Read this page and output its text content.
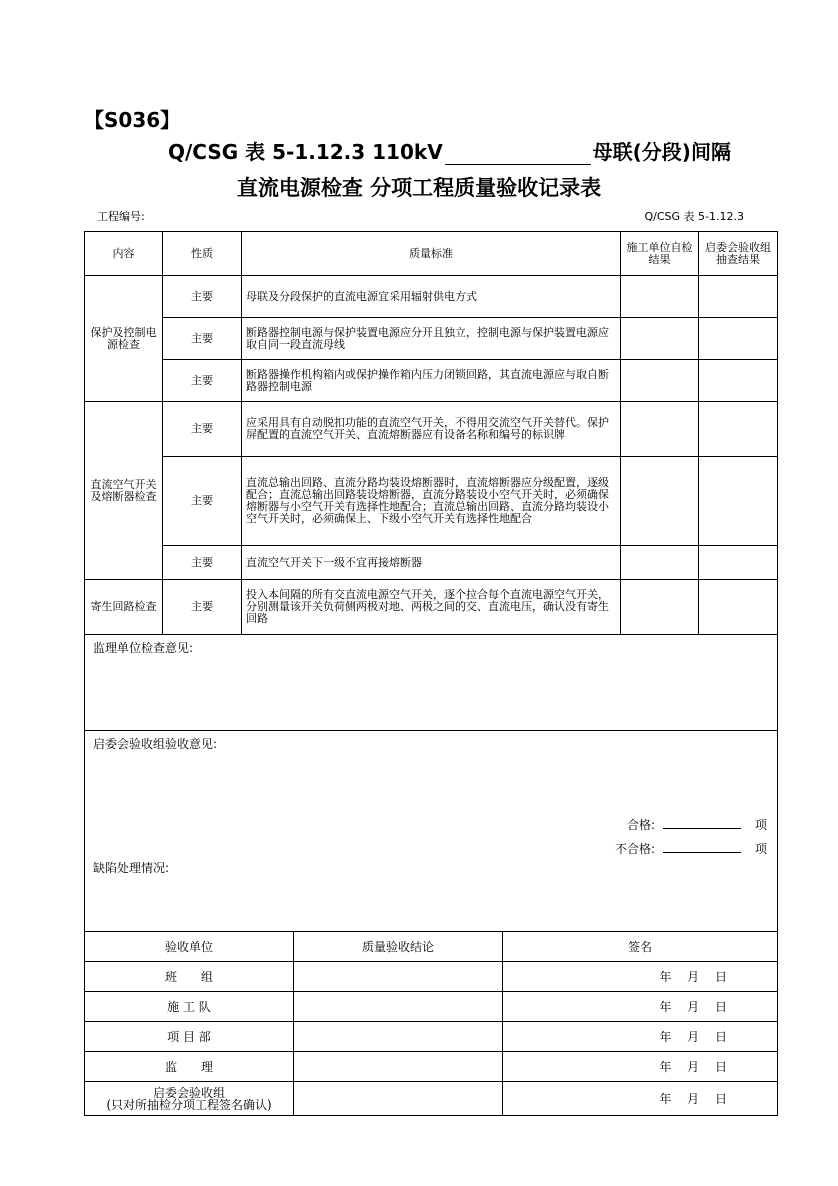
【S036】
Q/CSG 表 5-1.12.3 110kV	母联(分段)间隔
直流电源检查 分项工程质量验收记录表
工程编号:	Q/CSG 表 5-1.12.3
内容	性质	质量标准	施工单位自检结果	启委会验收组抽查结果
保护及控制电源检查	主要	母联及分段保护的直流电源宜采用辐射供电方式		
	主要	断路器控制电源与保护装置电源应分开且独立，控制电源与保护装置电源应取自同一段直流母线		
	主要	断路器操作机构箱内或保护操作箱内压力闭锁回路，其直流电源应与取自断路器控制电源		
直流空气开关及熔断器检查	主要	应采用具有自动脱扣功能的直流空气开关，不得用交流空气开关替代。保护屏配置的直流空气开关、直流熔断器应有设备名称和编号的标识牌		
	主要	直流总输出回路、直流分路均装设熔断器时，直流熔断器应分级配置，逐级配合；直流总输出回路装设熔断器，直流分路装设小空气开关时，必须确保熔断器与小空气开关有选择性地配合；直流总输出回路、直流分路均装设小空气开关时，必须确保上、下级小空气开关有选择性地配合		
	主要	直流空气开关下一级不宜再接熔断器		
寄生回路检查	主要	投入本间隔的所有交直流电源空气开关，逐个拉合每个直流电源空气开关，分别测量该开关负荷侧两极对地、两极之间的交、直流电压，确认没有寄生回路		
监理单位检查意见:				
启委会验收组验收意见:
合格: 项
不合格: 项
缺陷处理情况:				
验收单位	质量验收结论	签名
班　　组		年 月 日
施 工 队		年 月 日
项 目 部		年 月 日
监　　理		年 月 日

启委会验收组
(只对所抽检分项工程签名确认)		年 月 日
